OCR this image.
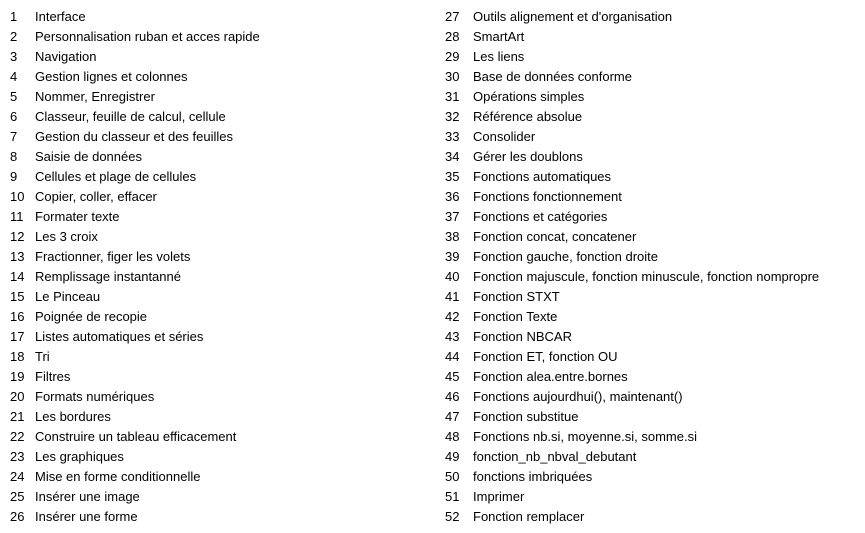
1	Interface
2	Personnalisation ruban et acces rapide
3	Navigation
4	Gestion lignes et colonnes
5	Nommer, Enregistrer
6	Classeur, feuille de calcul, cellule
7	Gestion du classeur et des feuilles
8	Saisie de données
9	Cellules et plage de cellules
10 Copier, coller, effacer
11 Formater texte
12 Les 3 croix
13 Fractionner, figer les volets
14 Remplissage instantanné
15 Le Pinceau
16 Poignée de recopie
17 Listes automatiques et séries
18 Tri
19 Filtres
20 Formats numériques
21 Les bordures
22 Construire un tableau efficacement
23 Les graphiques
24 Mise en forme conditionnelle
25 Insérer une image
26 Insérer une forme
27	Outils alignement et d'organisation
28	SmartArt
29	Les liens
30	Base de données conforme
31	Opérations simples
32	Référence absolue
33	Consolider
34	Gérer les doublons
35	Fonctions automatiques
36	Fonctions fonctionnement
37	Fonctions et catégories
38	Fonction concat, concatener
39	Fonction gauche, fonction droite
40	Fonction majuscule, fonction minuscule, fonction nompropre
41	Fonction STXT
42	Fonction Texte
43	Fonction NBCAR
44	Fonction ET, fonction OU
45	Fonction alea.entre.bornes
46	Fonctions aujourdhui(), maintenant()
47	Fonction substitue
48	Fonctions nb.si, moyenne.si, somme.si
49	fonction_nb_nbval_debutant
50	fonctions imbriquées
51	Imprimer
52	Fonction remplacer
